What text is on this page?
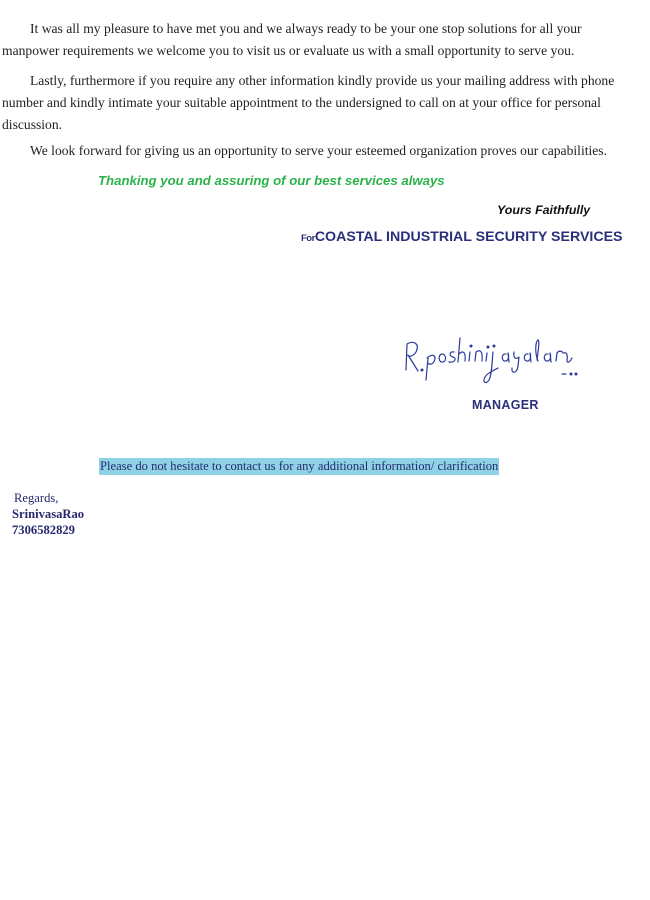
It was all my pleasure to have met you and we always ready to be your one stop solutions for all your manpower requirements we welcome you to visit us or evaluate us with a small opportunity to serve you.

Lastly, furthermore if you require any other information kindly provide us your mailing address with phone number and kindly intimate your suitable appointment to the undersigned to call on at your office for personal discussion.

We look forward for giving us an opportunity to serve your esteemed organization proves our capabilities.

Thanking you and assuring of our best services always
Yours Faithfully
ForCOASTAL INDUSTRIAL SECURITY SERVICES
MANAGER
Please do not hesitate to contact us for any additional information/ clarification
Regards,
SrinivasaRao
7306582829
